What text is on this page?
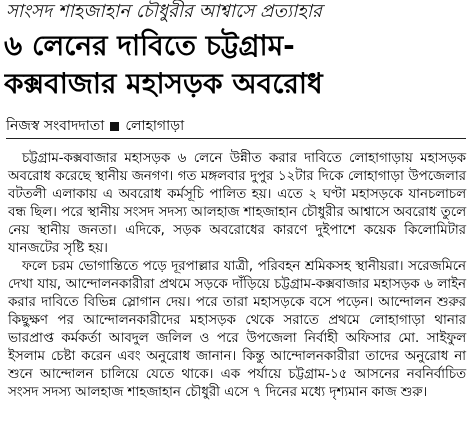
সাংসদ শাহজাহান চৌধুরীর আশ্বাসে প্রত্যাহার
৬ লেনের দাবিতে চট্টগ্রাম-
কক্সবাজার মহাসড়ক অবরোধ
নিজস্ব সংবাদদাতা লোহাগাড়া

চট্টগ্রাম-কক্সবাজার মহাসড়ক ৬ লেনে উন্নীত করার দাবিতে লোহাগাড়ায় মহাসড়ক অবরোধ করেছে স্থানীয় জনগণ। গত মঙ্গলবার দুপুর ১২টার দিকে লোহাগাড়া উপজেলার বটতলী এলাকায় এ অবরোধ কর্মসূচি পালিত হয়। এতে ২ ঘণ্টা মহাসড়কে যানচলাচল বন্ধ ছিল। পরে স্থানীয় সংসদ সদস্য আলহাজ শাহজাহান চৌধুরীর আশ্বাসে অবরোধ তুলে নেয় স্থানীয় জনতা। এদিকে, সড়ক অবরোধের কারণে দুইপাশে কয়েক কিলোমিটার যানজটের সৃষ্টি হয়।

ফলে চরম ভোগান্তিতে পড়ে দূরপাল্লার যাত্রী, পরিবহন শ্রমিকসহ স্থানীয়রা। সরেজমিনে দেখা যায়, আন্দোলনকারীরা প্রথমে সড়কে দাঁড়িয়ে চট্টগ্রাম-কক্সবাজার মহাসড়ক ৬ লাইন করার দাবিতে বিভিন্ন স্লোগান দেয়। পরে তারা মহাসড়কে বসে পড়েন। আন্দোলন শুরুর কিছুক্ষণ পর আন্দোলনকারীদের মহাসড়ক থেকে সরাতে প্রথমে লোহাগাড়া থানার ভারপ্রাপ্ত কর্মকর্তা আবদুল জলিল ও পরে উপজেলা নির্বাহী অফিসার মো. সাইফুল ইসলাম চেষ্টা করেন এবং অনুরোধ জানান। কিন্তু আন্দোলনকারীরা তাদের অনুরোধ না শুনে আন্দোলন চালিয়ে যেতে থাকে। এক পর্যায়ে চট্টগ্রাম-১৫ আসনের নবনির্বাচিত সংসদ সদস্য আলহাজ শাহজাহান চৌধুরী এসে ৭ দিনের মধ্যে দৃশ্যমান কাজ শুরু।
